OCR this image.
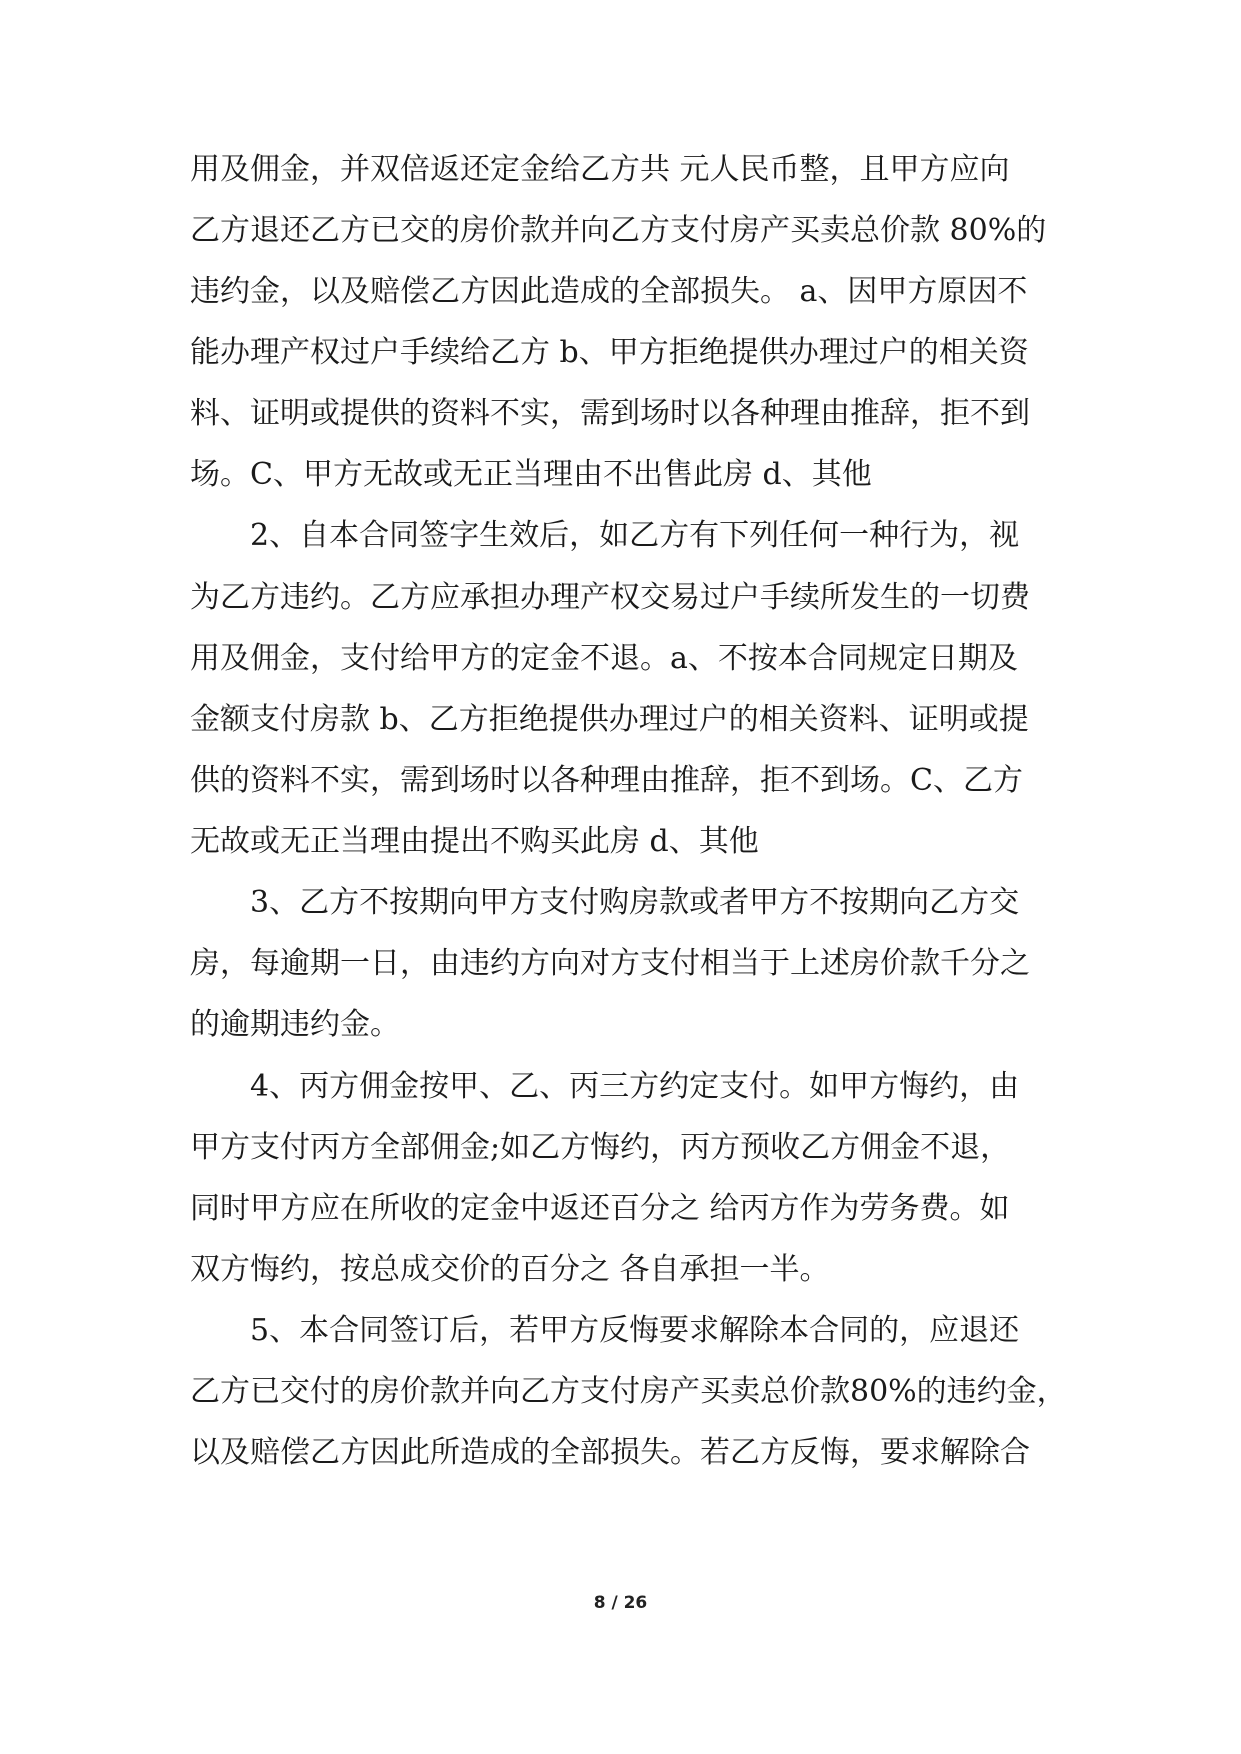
用及佣金，并双倍返还定金给乙方共 元人民币整，且甲方应向
乙方退还乙方已交的房价款并向乙方支付房产买卖总价款 80%的
违约金，以及赔偿乙方因此造成的全部损失。 a、因甲方原因不
能办理产权过户手续给乙方 b、甲方拒绝提供办理过户的相关资
料、证明或提供的资料不实，需到场时以各种理由推辞，拒不到
场。C、甲方无故或无正当理由不出售此房 d、其他
　　2、自本合同签字生效后，如乙方有下列任何一种行为，视
为乙方违约。乙方应承担办理产权交易过户手续所发生的一切费
用及佣金，支付给甲方的定金不退。a、不按本合同规定日期及
金额支付房款 b、乙方拒绝提供办理过户的相关资料、证明或提
供的资料不实，需到场时以各种理由推辞，拒不到场。C、乙方
无故或无正当理由提出不购买此房 d、其他
　　3、乙方不按期向甲方支付购房款或者甲方不按期向乙方交
房，每逾期一日，由违约方向对方支付相当于上述房价款千分之
的逾期违约金。
　　4、丙方佣金按甲、乙、丙三方约定支付。如甲方悔约，由
甲方支付丙方全部佣金;如乙方悔约，丙方预收乙方佣金不退，
同时甲方应在所收的定金中返还百分之 给丙方作为劳务费。如
双方悔约，按总成交价的百分之 各自承担一半。
　　5、本合同签订后，若甲方反悔要求解除本合同的，应退还
乙方已交付的房价款并向乙方支付房产买卖总价款80%的违约金，
以及赔偿乙方因此所造成的全部损失。若乙方反悔，要求解除合
8 / 26
